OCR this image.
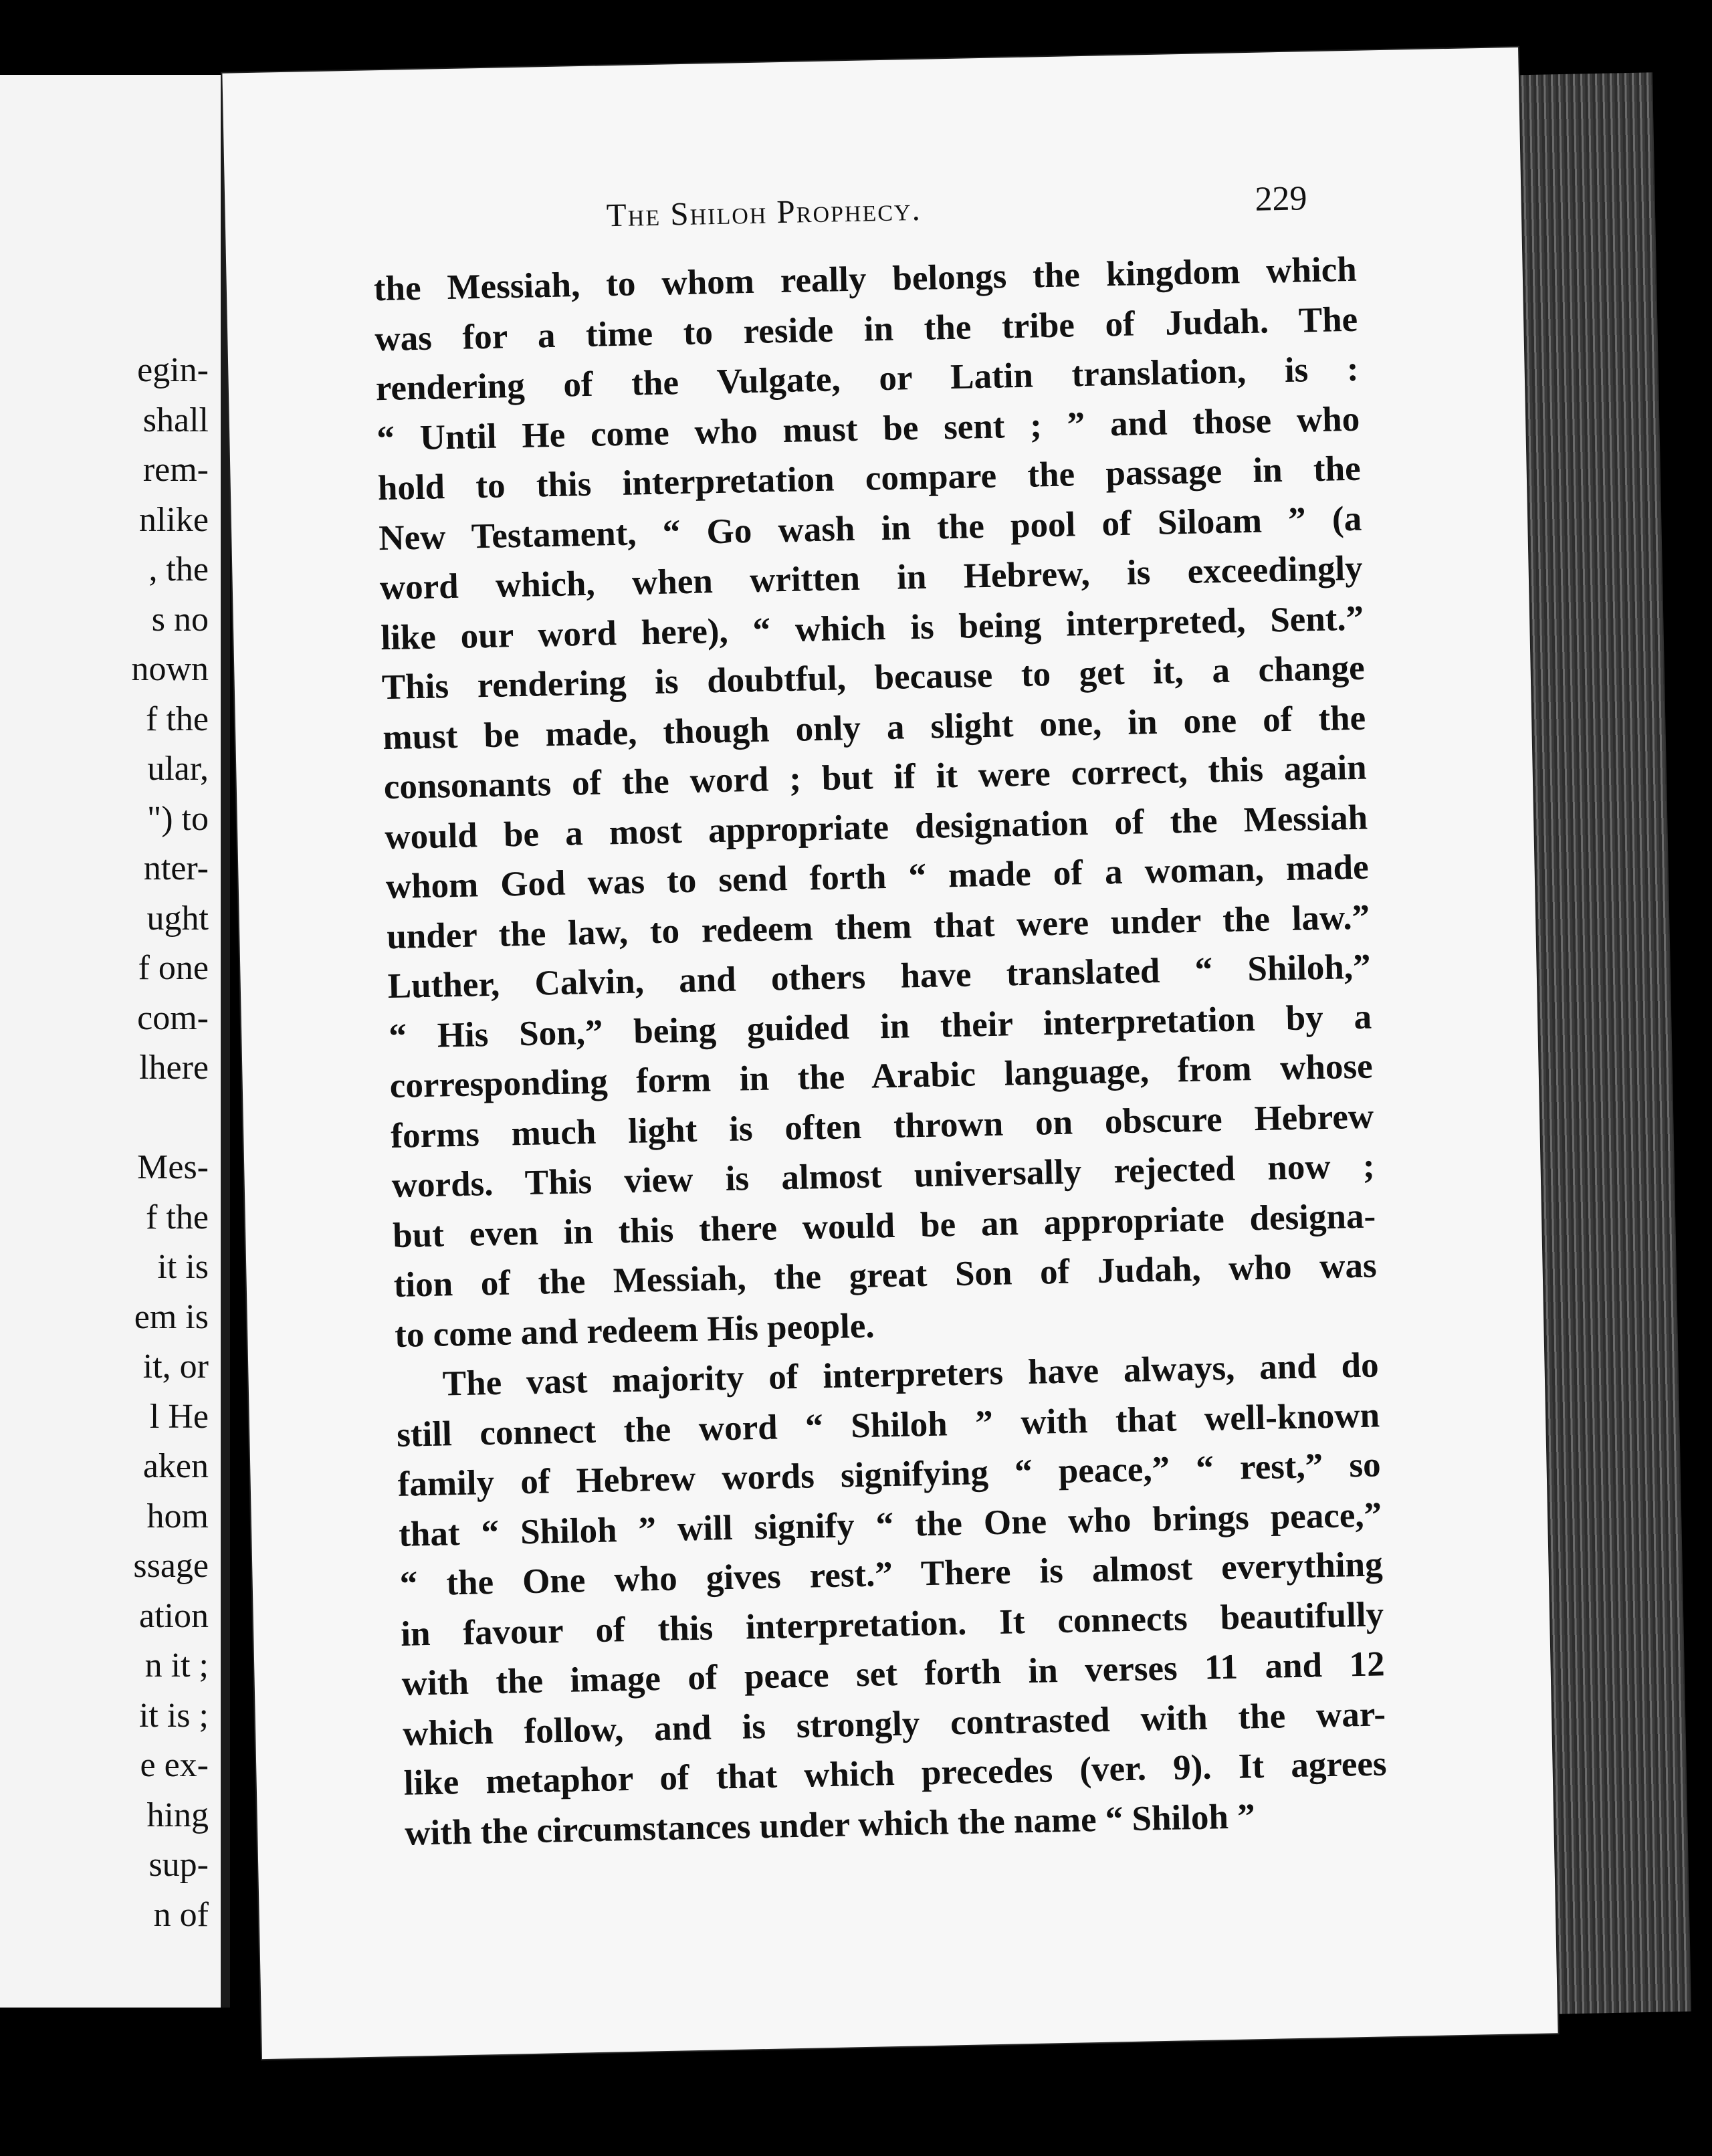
egin-
shall
rem-
nlike
, the
s no
nown
f the
ular,
") to
nter-
ught
f one
com-
lhere
Mes-
f the
it is
em is
it, or
l He
aken
hom
ssage
ation
n it ;
it is ;
e ex-
hing
sup-
n of
The Shiloh Prophecy.	229

the Messiah, to whom really belongs the kingdom which
was for a time to reside in the tribe of Judah. The
rendering of the Vulgate, or Latin translation, is :
“ Until He come who must be sent ; ” and those who
hold to this interpretation compare the passage in the
New Testament, “ Go wash in the pool of Siloam ” (a
word which, when written in Hebrew, is exceedingly
like our word here), “ which is being interpreted, Sent.”
This rendering is doubtful, because to get it, a change
must be made, though only a slight one, in one of the
consonants of the word ; but if it were correct, this again
would be a most appropriate designation of the Messiah
whom God was to send forth “ made of a woman, made
under the law, to redeem them that were under the law.”
Luther, Calvin, and others have translated “ Shiloh,”
“ His Son,” being guided in their interpretation by a
corresponding form in the Arabic language, from whose
forms much light is often thrown on obscure Hebrew
words. This view is almost universally rejected now ;
but even in this there would be an appropriate designa-
tion of the Messiah, the great Son of Judah, who was
to come and redeem His people.

The vast majority of interpreters have always, and do
still connect the word “ Shiloh ” with that well-known
family of Hebrew words signifying “ peace,” “ rest,” so
that “ Shiloh ” will signify “ the One who brings peace,”
“ the One who gives rest.” There is almost everything
in favour of this interpretation. It connects beautifully
with the image of peace set forth in verses 11 and 12
which follow, and is strongly contrasted with the war-
like metaphor of that which precedes (ver. 9). It agrees
with the circumstances under which the name “ Shiloh ”
